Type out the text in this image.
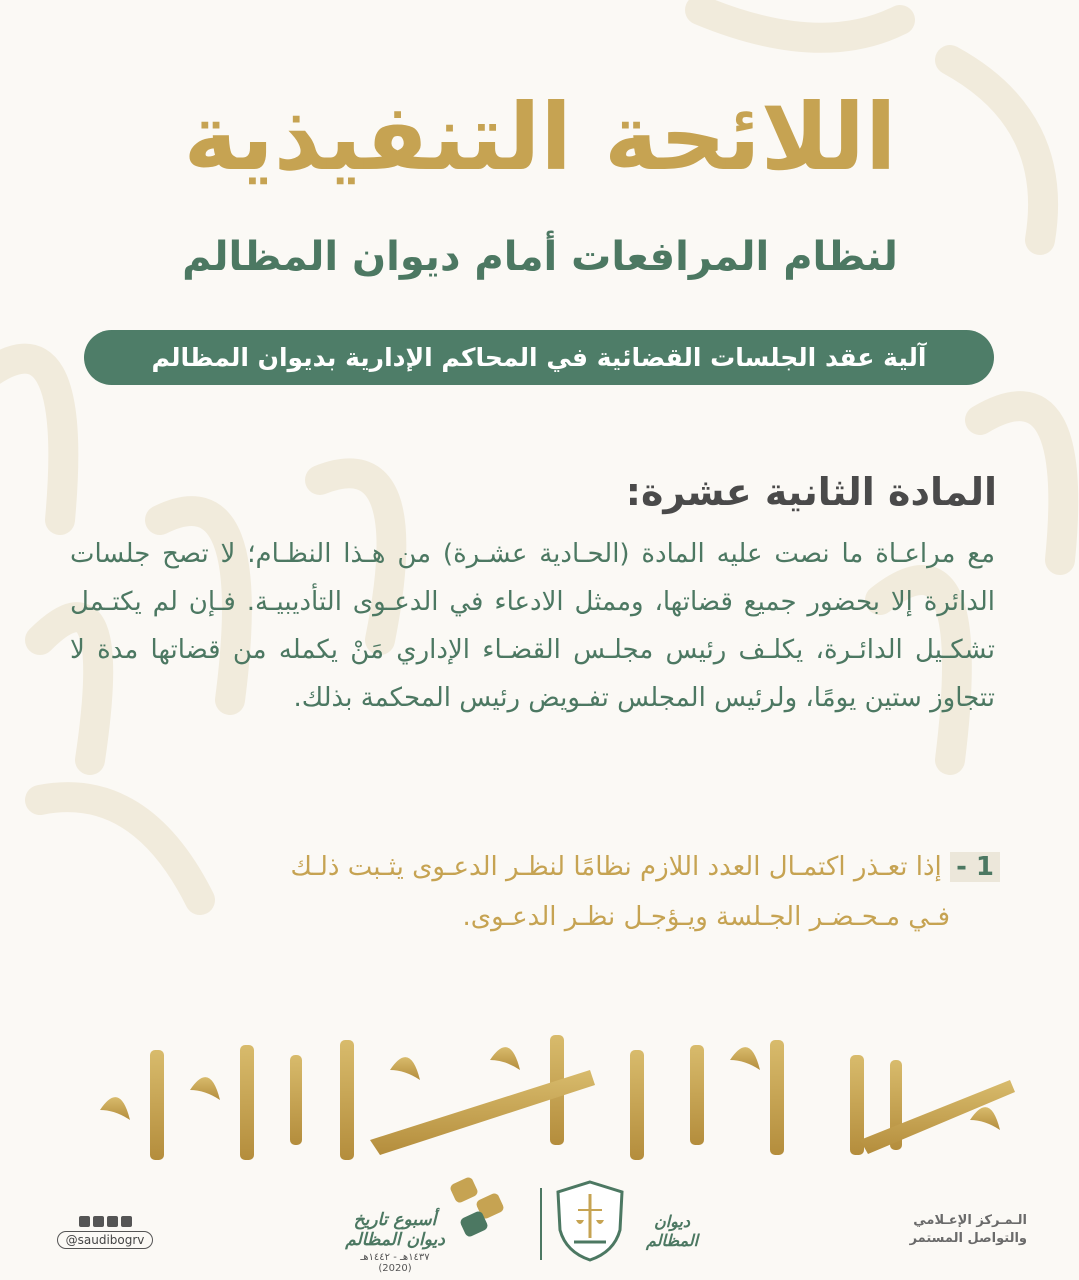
اللائحة التنفيذية
لنظام المرافعات أمام ديوان المظالم
آلية عقد الجلسات القضائية في المحاكم الإدارية بديوان المظالم
المادة الثانية عشرة:
مع مراعـاة ما نصت عليه المادة (الحـادية عشـرة) من هـذا النظـام؛ لا تصح جلسات الدائرة إلا بحضور جميع قضاتها، وممثل الادعاء في الدعـوى التأديبيـة. فـإن لم يكتـمل تشكـيل الدائـرة، يكلـف رئيس مجلـس القضـاء الإداري مَنْ يكمله من قضاتها مدة لا تتجاوز ستين يومًا، ولرئيس المجلس تفـويض رئيس المحكمة بذلك.
1 - إذا تعـذر اكتمـال العدد اللازم نظامًا لنظـر الدعـوى يثـبت ذلـك
فـي مـحـضـر الجـلسة ويـؤجـل نظـر الدعـوى.
الـمـركز الإعـلامي
والتواصل المستمر
ديوان المظالم
أسبوع تاريخ ديوان المظالم
١٤٣٧هـ - ١٤٤٢هـ (2020)
@saudibogrv
